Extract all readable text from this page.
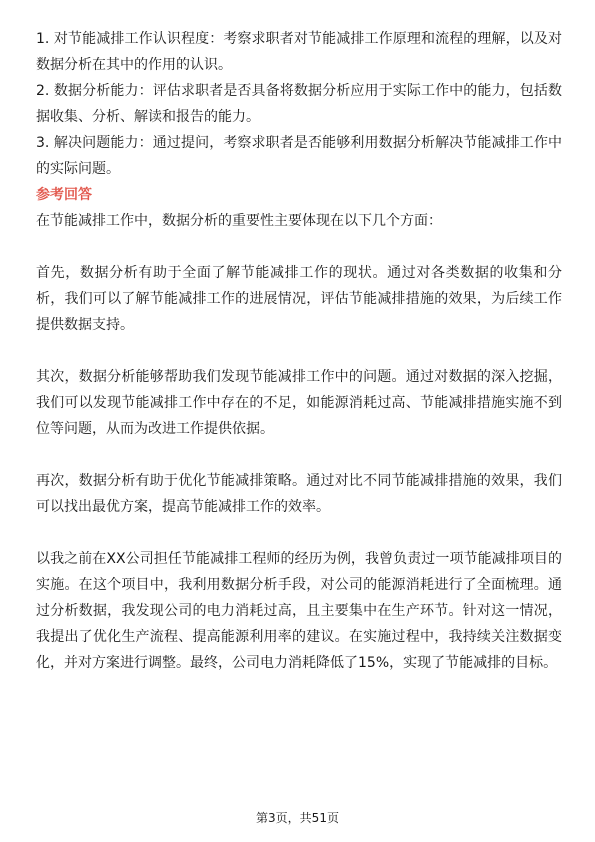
1. 对节能减排工作认识程度：考察求职者对节能减排工作原理和流程的理解，以及对数据分析在其中的作用的认识。

2. 数据分析能力：评估求职者是否具备将数据分析应用于实际工作中的能力，包括数据收集、分析、解读和报告的能力。

3. 解决问题能力：通过提问，考察求职者是否能够利用数据分析解决节能减排工作中的实际问题。

参考回答

在节能减排工作中，数据分析的重要性主要体现在以下几个方面：

首先，数据分析有助于全面了解节能减排工作的现状。通过对各类数据的收集和分析，我们可以了解节能减排工作的进展情况，评估节能减排措施的效果，为后续工作提供数据支持。

其次，数据分析能够帮助我们发现节能减排工作中的问题。通过对数据的深入挖掘，我们可以发现节能减排工作中存在的不足，如能源消耗过高、节能减排措施实施不到位等问题，从而为改进工作提供依据。

再次，数据分析有助于优化节能减排策略。通过对比不同节能减排措施的效果，我们可以找出最优方案，提高节能减排工作的效率。

以我之前在XX公司担任节能减排工程师的经历为例，我曾负责过一项节能减排项目的实施。在这个项目中，我利用数据分析手段，对公司的能源消耗进行了全面梳理。通过分析数据，我发现公司的电力消耗过高，且主要集中在生产环节。针对这一情况，我提出了优化生产流程、提高能源利用率的建议。在实施过程中，我持续关注数据变化，并对方案进行调整。最终，公司电力消耗降低了15%，实现了节能减排的目标。

第3页，共51页
